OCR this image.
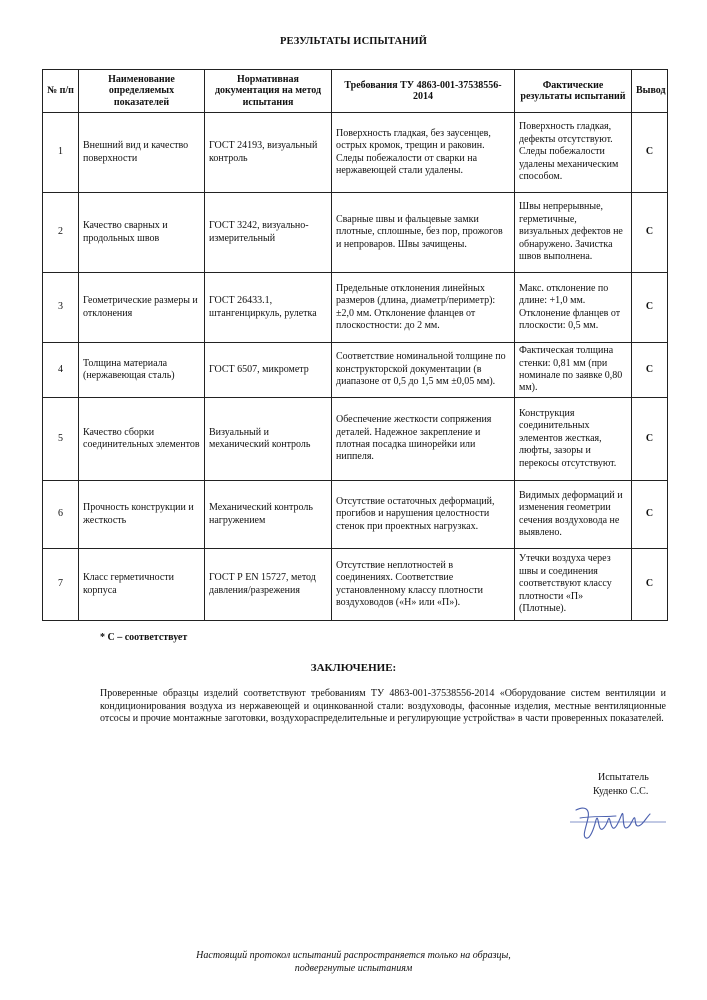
РЕЗУЛЬТАТЫ ИСПЫТАНИЙ
№ п/п	Наименование определяемых показателей	Нормативная документация на метод испытания	Требования ТУ 4863-001-37538556-2014	Фактические результаты испытаний	Вывод
1	Внешний вид и качество поверхности	ГОСТ 24193, визуальный контроль	Поверхность гладкая, без заусенцев, острых кромок, трещин и раковин. Следы побежалости от сварки на нержавеющей стали удалены.	Поверхность гладкая, дефекты отсутствуют. Следы побежалости удалены механическим способом.	С
2	Качество сварных и продольных швов	ГОСТ 3242, визуально-измерительный	Сварные швы и фальцевые замки плотные, сплошные, без пор, прожогов и непроваров. Швы зачищены.	Швы непрерывные, герметичные, визуальных дефектов не обнаружено. Зачистка швов выполнена.	С
3	Геометрические размеры и отклонения	ГОСТ 26433.1, штангенциркуль, рулетка	Предельные отклонения линейных размеров (длина, диаметр/периметр): ±2,0 мм. Отклонение фланцев от плоскостности: до 2 мм.	Макс. отклонение по длине: +1,0 мм. Отклонение фланцев от плоскости: 0,5 мм.	С
4	Толщина материала (нержавеющая сталь)	ГОСТ 6507, микрометр	Соответствие номинальной толщине по конструкторской документации (в диапазоне от 0,5 до 1,5 мм ±0,05 мм).	Фактическая толщина стенки: 0,81 мм (при номинале по заявке 0,80 мм).	С
5	Качество сборки соединительных элементов	Визуальный и механический контроль	Обеспечение жесткости сопряжения деталей. Надежное закрепление и плотная посадка шинорейки или ниппеля.	Конструкция соединительных элементов жесткая, люфты, зазоры и перекосы отсутствуют.	С
6	Прочность конструкции и жесткость	Механический контроль нагружением	Отсутствие остаточных деформаций, прогибов и нарушения целостности стенок при проектных нагрузках.	Видимых деформаций и изменения геометрии сечения воздуховода не выявлено.	С
7	Класс герметичности корпуса	ГОСТ Р EN 15727, метод давления/разрежения	Отсутствие неплотностей в соединениях. Соответствие установленному классу плотности воздуховодов («Н» или «П»).	Утечки воздуха через швы и соединения соответствуют классу плотности «П» (Плотные).	С
* С – соответствует
ЗАКЛЮЧЕНИЕ:
Проверенные образцы изделий соответствуют требованиям ТУ 4863-001-37538556-2014 «Оборудование систем вентиляции и кондиционирования воздуха из нержавеющей и оцинкованной стали: воздуховоды, фасонные изделия, местные вентиляционные отсосы и прочие монтажные заготовки, воздухораспределительные и регулирующие устройства» в части проверенных показателей.
Испытатель
Куденко С.С.
Настоящий протокол испытаний распространяется только на образцы,
подвергнутые испытаниям
